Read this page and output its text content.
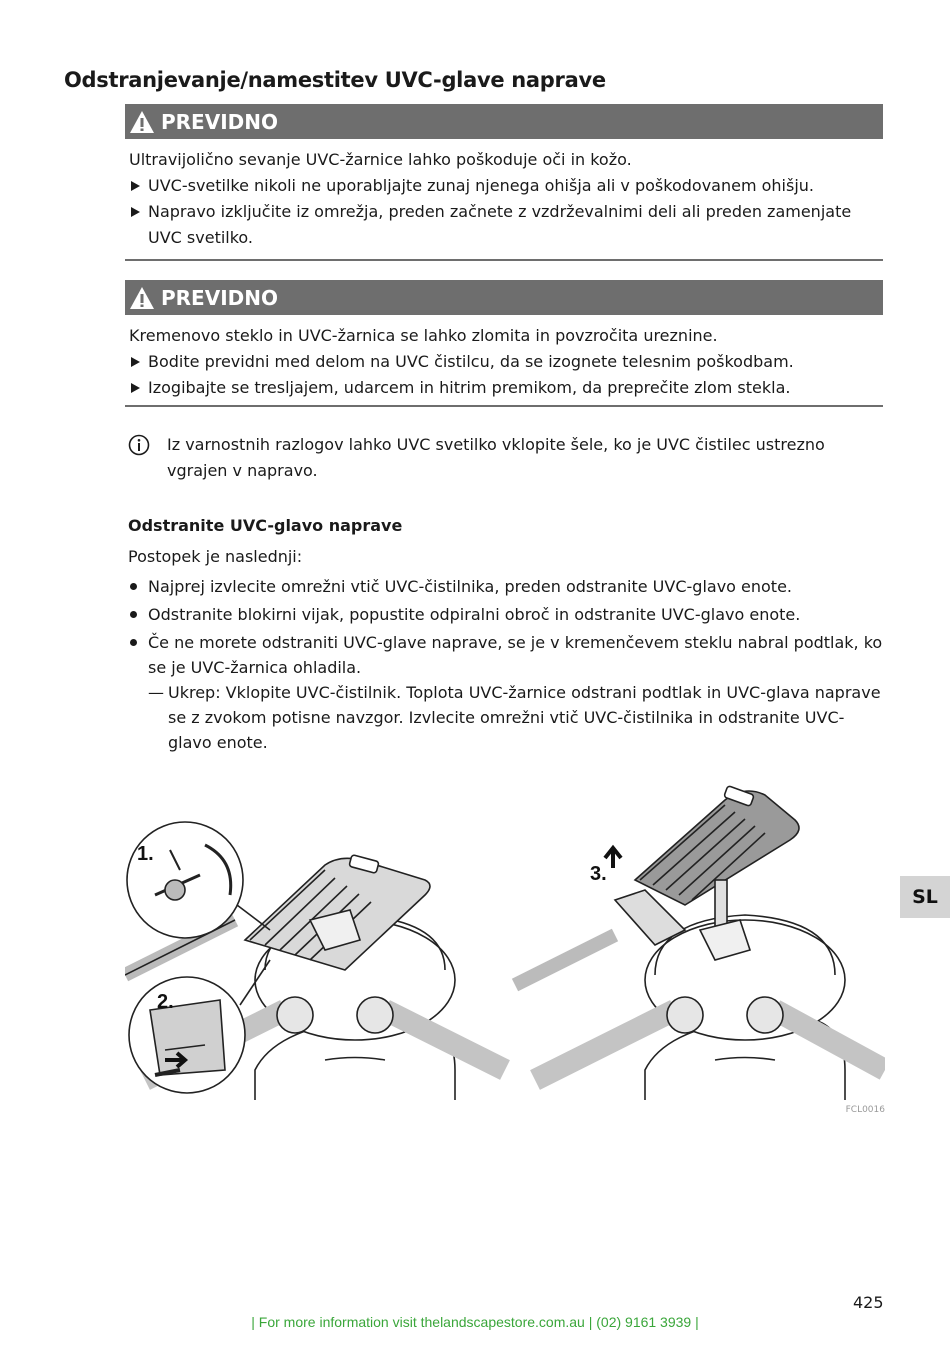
Odstranjevanje/namestitev UVC-glave naprave
PREVIDNO

Ultravijolično sevanje UVC-žarnice lahko poškoduje oči in kožo.

UVC-svetilke nikoli ne uporabljajte zunaj njenega ohišja ali v poškodovanem ohišju.
Napravo izključite iz omrežja, preden začnete z vzdrževalnimi deli ali preden zamenjate UVC svetilko.
PREVIDNO

Kremenovo steklo in UVC-žarnica se lahko zlomita in povzročita ureznine.

Bodite previdni med delom na UVC čistilcu, da se izognete telesnim poškodbam.
Izogibajte se tresljajem, udarcem in hitrim premikom, da preprečite zlom stekla.

Iz varnostnih razlogov lahko UVC svetilko vklopite šele, ko je UVC čistilec ustrezno vgrajen v napravo.

Odstranite UVC-glavo naprave

Postopek je naslednji:

Najprej izvlecite omrežni vtič UVC-čistilnika, preden odstranite UVC-glavo enote.
Odstranite blokirni vijak, popustite odpiralni obroč in odstranite UVC-glavo enote.
Če ne morete odstraniti UVC-glave naprave, se je v kremenčevem steklu nabral podtlak, ko se je UVC-žarnica ohladila.
— Ukrep: Vklopite UVC-čistilnik. Toplota UVC-žarnice odstrani podtlak in UVC-glava naprave se z zvokom potisne navzgor. Izvlecite omrežni vtič UVC-čistilnika in odstranite UVC-glavo enote.
1.
2.
3.
FCL0016
SL
425
| For more information visit thelandscapestore.com.au | (02) 9161 3939 |
